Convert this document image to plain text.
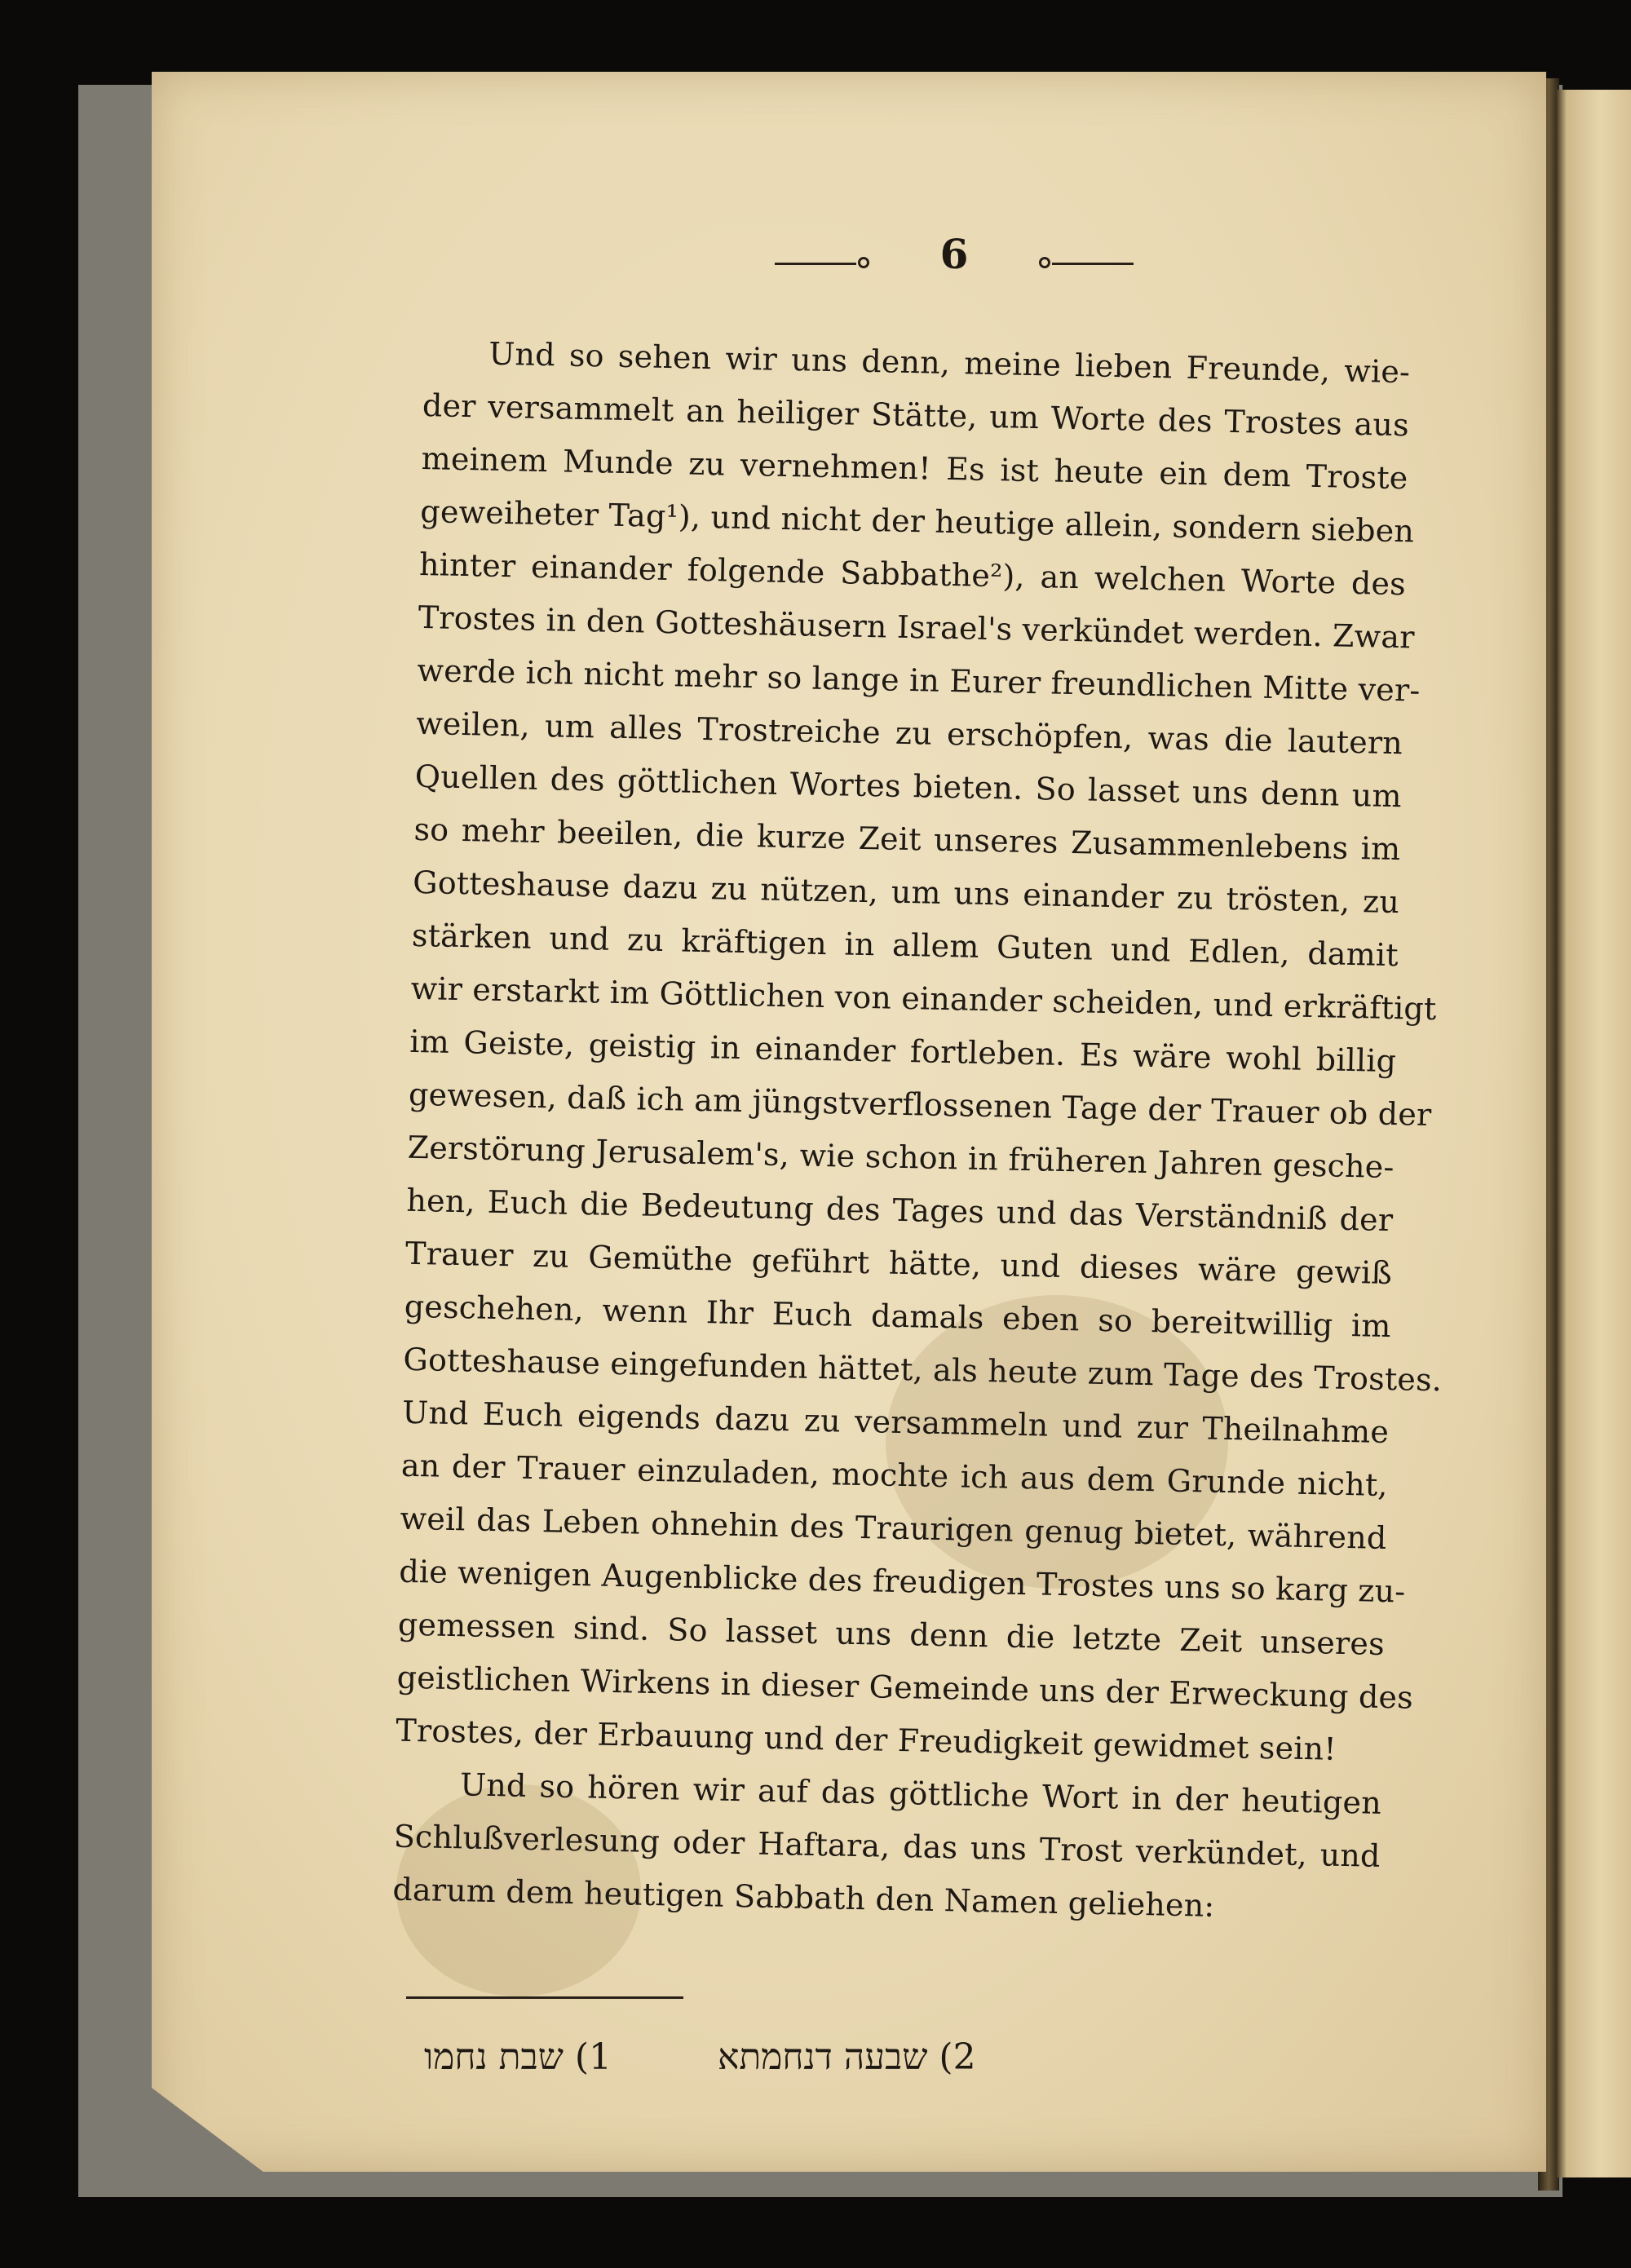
6
Und so sehen wir uns denn, meine lieben Freunde, wie-
der versammelt an heiliger Stätte, um Worte des Trostes aus
meinem Munde zu vernehmen! Es ist heute ein dem Troste
geweiheter Tag¹), und nicht der heutige allein, sondern sieben
hinter einander folgende Sabbathe²), an welchen Worte des
Trostes in den Gotteshäusern Israel's verkündet werden. Zwar
werde ich nicht mehr so lange in Eurer freundlichen Mitte ver-
weilen, um alles Trostreiche zu erschöpfen, was die lautern
Quellen des göttlichen Wortes bieten. So lasset uns denn um
so mehr beeilen, die kurze Zeit unseres Zusammenlebens im
Gotteshause dazu zu nützen, um uns einander zu trösten, zu
stärken und zu kräftigen in allem Guten und Edlen, damit
wir erstarkt im Göttlichen von einander scheiden, und erkräftigt
im Geiste, geistig in einander fortleben. Es wäre wohl billig
gewesen, daß ich am jüngstverflossenen Tage der Trauer ob der
Zerstörung Jerusalem's, wie schon in früheren Jahren gesche-
hen, Euch die Bedeutung des Tages und das Verständniß der
Trauer zu Gemüthe geführt hätte, und dieses wäre gewiß
geschehen, wenn Ihr Euch damals eben so bereitwillig im
Gotteshause eingefunden hättet, als heute zum Tage des Trostes.
Und Euch eigends dazu zu versammeln und zur Theilnahme
an der Trauer einzuladen, mochte ich aus dem Grunde nicht,
weil das Leben ohnehin des Traurigen genug bietet, während
die wenigen Augenblicke des freudigen Trostes uns so karg zu-
gemessen sind. So lasset uns denn die letzte Zeit unseres
geistlichen Wirkens in dieser Gemeinde uns der Erweckung des
Trostes, der Erbauung und der Freudigkeit gewidmet sein!
Und so hören wir auf das göttliche Wort in der heutigen
Schlußverlesung oder Haftara, das uns Trost verkündet, und
darum dem heutigen Sabbath den Namen geliehen:
1) שבת נחמו	2) שבעה דנחמתא
